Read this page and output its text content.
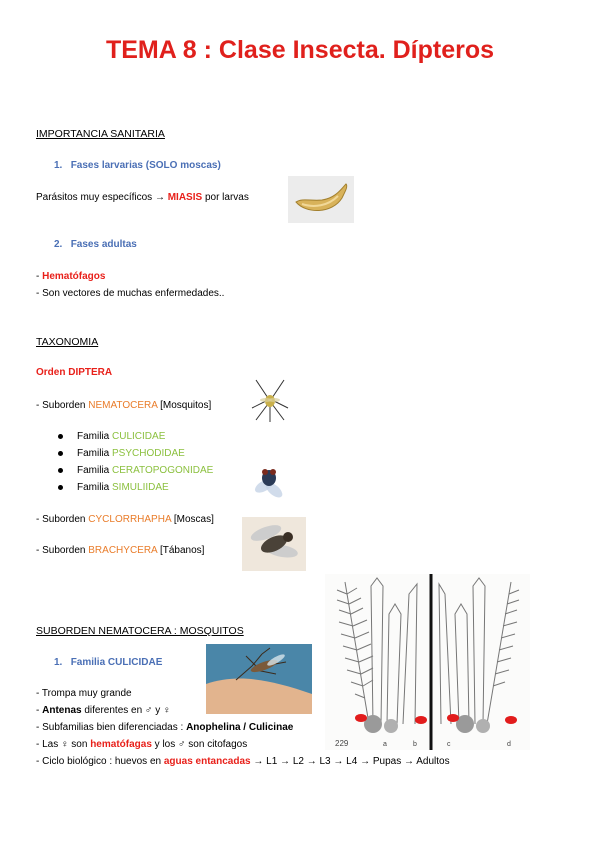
TEMA 8 : Clase Insecta. Dípteros
IMPORTANCIA SANITARIA
1. Fases larvarias (SOLO moscas)
Parásitos muy específicos → MIASIS por larvas
2. Fases adultas
- Hematófagos
- Son vectores de muchas enfermedades..
TAXONOMIA
Orden DIPTERA
- Suborden NEMATOCERA [Mosquitos]
Familia CULICIDAE
Familia PSYCHODIDAE
Familia CERATOPOGONIDAE
Familia SIMULIIDAE
- Suborden CYCLORRHAPHA [Moscas]
- Suborden BRACHYCERA [Tábanos]
229	a	b	c	d
SUBORDEN NEMATOCERA : MOSQUITOS
1. Familia CULICIDAE
- Trompa muy grande
- Antenas diferentes en ♂ y ♀
- Subfamilias bien diferenciadas : Anophelina / Culicinae
- Las ♀ son hematófagas y los ♂ son citofagos
- Ciclo biológico : huevos en aguas entancadas → L1 → L2 → L3 → L4 → Pupas → Adultos
